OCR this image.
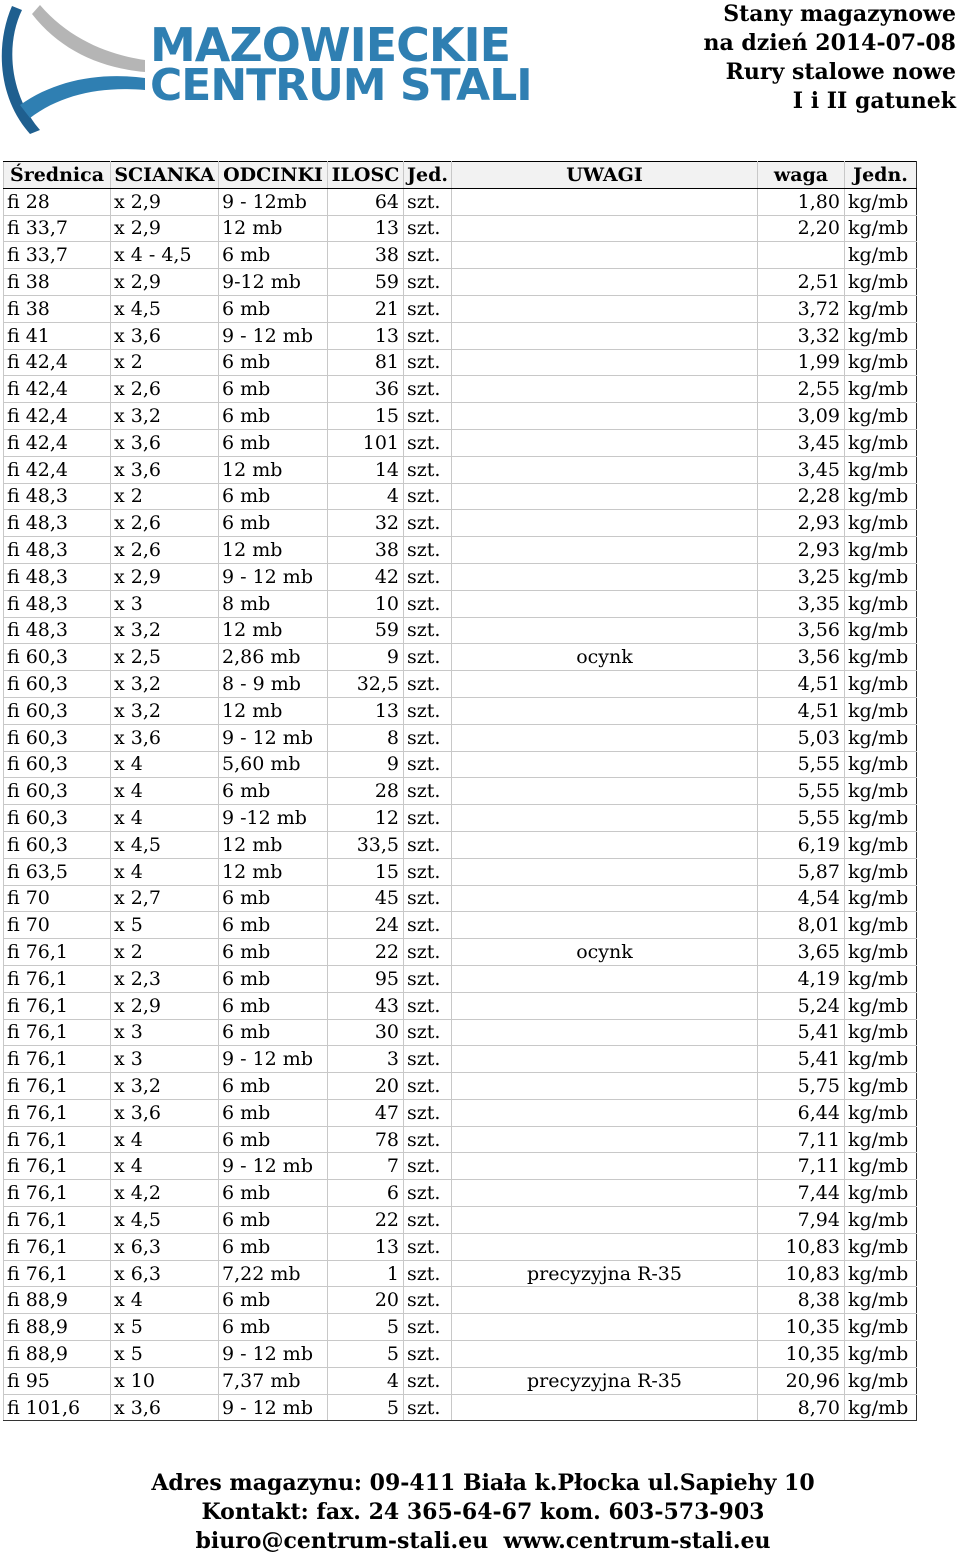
MAZOWIECKIE
CENTRUM STALI
Stany magazynowe
na dzień 2014-07-08
Rury stalowe nowe
I i II gatunek
Średnica	SCIANKA	ODCINKI	ILOSC	Jed.	UWAGI	waga	Jedn.
fi 28	x 2,9	9 - 12mb	64	szt.		1,80	kg/mb
fi 33,7	x 2,9	12 mb	13	szt.		2,20	kg/mb
fi 33,7	x 4 - 4,5	6 mb	38	szt.			kg/mb
fi 38	x 2,9	9-12 mb	59	szt.		2,51	kg/mb
fi 38	x 4,5	6 mb	21	szt.		3,72	kg/mb
fi 41	x 3,6	9 - 12 mb	13	szt.		3,32	kg/mb
fi 42,4	x 2	6 mb	81	szt.		1,99	kg/mb
fi 42,4	x 2,6	6 mb	36	szt.		2,55	kg/mb
fi 42,4	x 3,2	6 mb	15	szt.		3,09	kg/mb
fi 42,4	x 3,6	6 mb	101	szt.		3,45	kg/mb
fi 42,4	x 3,6	12 mb	14	szt.		3,45	kg/mb
fi 48,3	x 2	6 mb	4	szt.		2,28	kg/mb
fi 48,3	x 2,6	6 mb	32	szt.		2,93	kg/mb
fi 48,3	x 2,6	12 mb	38	szt.		2,93	kg/mb
fi 48,3	x 2,9	9 - 12 mb	42	szt.		3,25	kg/mb
fi 48,3	x 3	8 mb	10	szt.		3,35	kg/mb
fi 48,3	x 3,2	12 mb	59	szt.		3,56	kg/mb
fi 60,3	x 2,5	2,86 mb	9	szt.	ocynk	3,56	kg/mb
fi 60,3	x 3,2	8 - 9 mb	32,5	szt.		4,51	kg/mb
fi 60,3	x 3,2	12 mb	13	szt.		4,51	kg/mb
fi 60,3	x 3,6	9 - 12 mb	8	szt.		5,03	kg/mb
fi 60,3	x 4	5,60 mb	9	szt.		5,55	kg/mb
fi 60,3	x 4	6 mb	28	szt.		5,55	kg/mb
fi 60,3	x 4	9 -12 mb	12	szt.		5,55	kg/mb
fi 60,3	x 4,5	12 mb	33,5	szt.		6,19	kg/mb
fi 63,5	x 4	12 mb	15	szt.		5,87	kg/mb
fi 70	x 2,7	6 mb	45	szt.		4,54	kg/mb
fi 70	x 5	6 mb	24	szt.		8,01	kg/mb
fi 76,1	x 2	6 mb	22	szt.	ocynk	3,65	kg/mb
fi 76,1	x 2,3	6 mb	95	szt.		4,19	kg/mb
fi 76,1	x 2,9	6 mb	43	szt.		5,24	kg/mb
fi 76,1	x 3	6 mb	30	szt.		5,41	kg/mb
fi 76,1	x 3	9 - 12 mb	3	szt.		5,41	kg/mb
fi 76,1	x 3,2	6 mb	20	szt.		5,75	kg/mb
fi 76,1	x 3,6	6 mb	47	szt.		6,44	kg/mb
fi 76,1	x 4	6 mb	78	szt.		7,11	kg/mb
fi 76,1	x 4	9 - 12 mb	7	szt.		7,11	kg/mb
fi 76,1	x 4,2	6 mb	6	szt.		7,44	kg/mb
fi 76,1	x 4,5	6 mb	22	szt.		7,94	kg/mb
fi 76,1	x 6,3	6 mb	13	szt.		10,83	kg/mb
fi 76,1	x 6,3	7,22 mb	1	szt.	precyzyjna R-35	10,83	kg/mb
fi 88,9	x 4	6 mb	20	szt.		8,38	kg/mb
fi 88,9	x 5	6 mb	5	szt.		10,35	kg/mb
fi 88,9	x 5	9 - 12 mb	5	szt.		10,35	kg/mb
fi 95	x 10	7,37 mb	4	szt.	precyzyjna R-35	20,96	kg/mb
fi 101,6	x 3,6	9 - 12 mb	5	szt.		8,70	kg/mb
Adres magazynu: 09-411 Biała k.Płocka ul.Sapiehy 10
Kontakt: fax. 24 365-64-67 kom. 603-573-903
biuro@centrum-stali.eu  www.centrum-stali.eu
